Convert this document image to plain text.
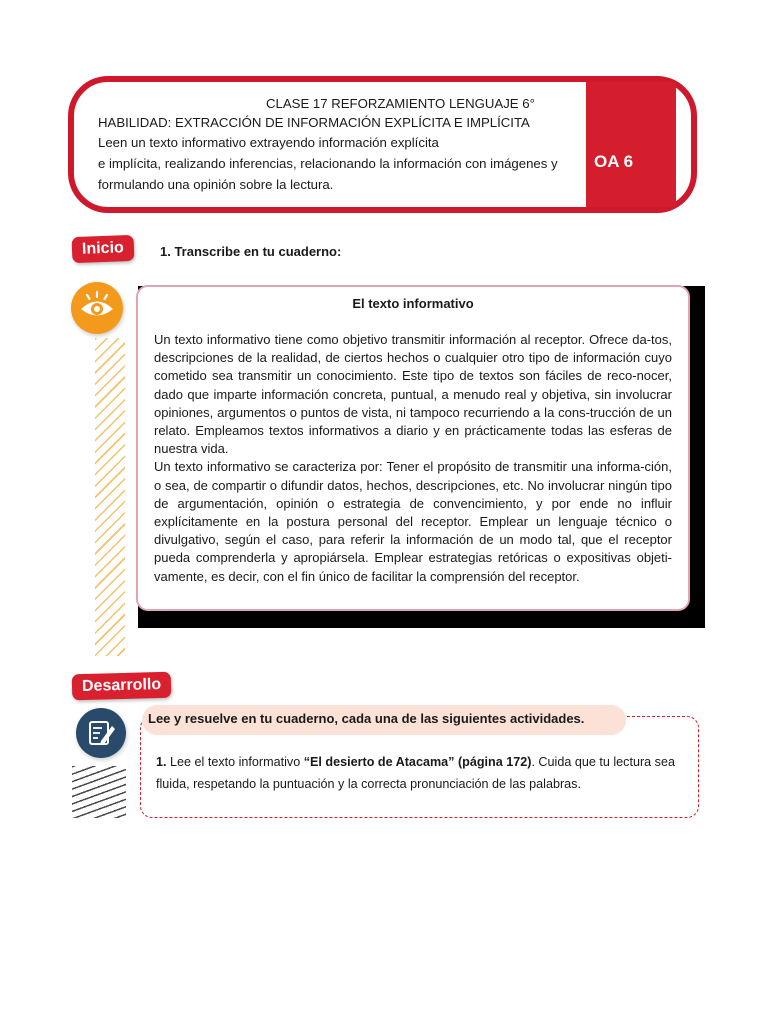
OA 6
CLASE 17 REFORZAMIENTO LENGUAJE 6°
HABILIDAD: EXTRACCIÓN DE INFORMACIÓN EXPLÍCITA E IMPLÍCITA
Leen un texto informativo extrayendo información explícita
e implícita, realizando inferencias, relacionando la información con imágenes y
formulando una opinión sobre la lectura.
Inicio	1. Transcribe en tu cuaderno:
El texto informativo

Un texto informativo tiene como objetivo transmitir información al receptor. Ofrece da-tos, descripciones de la realidad, de ciertos hechos o cualquier otro tipo de información cuyo cometido sea transmitir un conocimiento. Este tipo de textos son fáciles de reco-nocer, dado que imparte información concreta, puntual, a menudo real y objetiva, sin involucrar opiniones, argumentos o puntos de vista, ni tampoco recurriendo a la cons-trucción de un relato. Empleamos textos informativos a diario y en prácticamente todas las esferas de nuestra vida.

Un texto informativo se caracteriza por: Tener el propósito de transmitir una informa-ción, o sea, de compartir o difundir datos, hechos, descripciones, etc. No involucrar ningún tipo de argumentación, opinión o estrategia de convencimiento, y por ende no influir explícitamente en la postura personal del receptor. Emplear un lenguaje técnico o divulgativo, según el caso, para referir la información de un modo tal, que el receptor pueda comprenderla y apropiársela. Emplear estrategias retóricas o expositivas objeti-vamente, es decir, con el fin único de facilitar la comprensión del receptor.

Desarrollo
Lee y resuelve en tu cuaderno, cada una de las siguientes actividades.
1. Lee el texto informativo “El desierto de Atacama” (página 172). Cuida que tu lectura sea fluida, respetando la puntuación y la correcta pronunciación de las palabras.
